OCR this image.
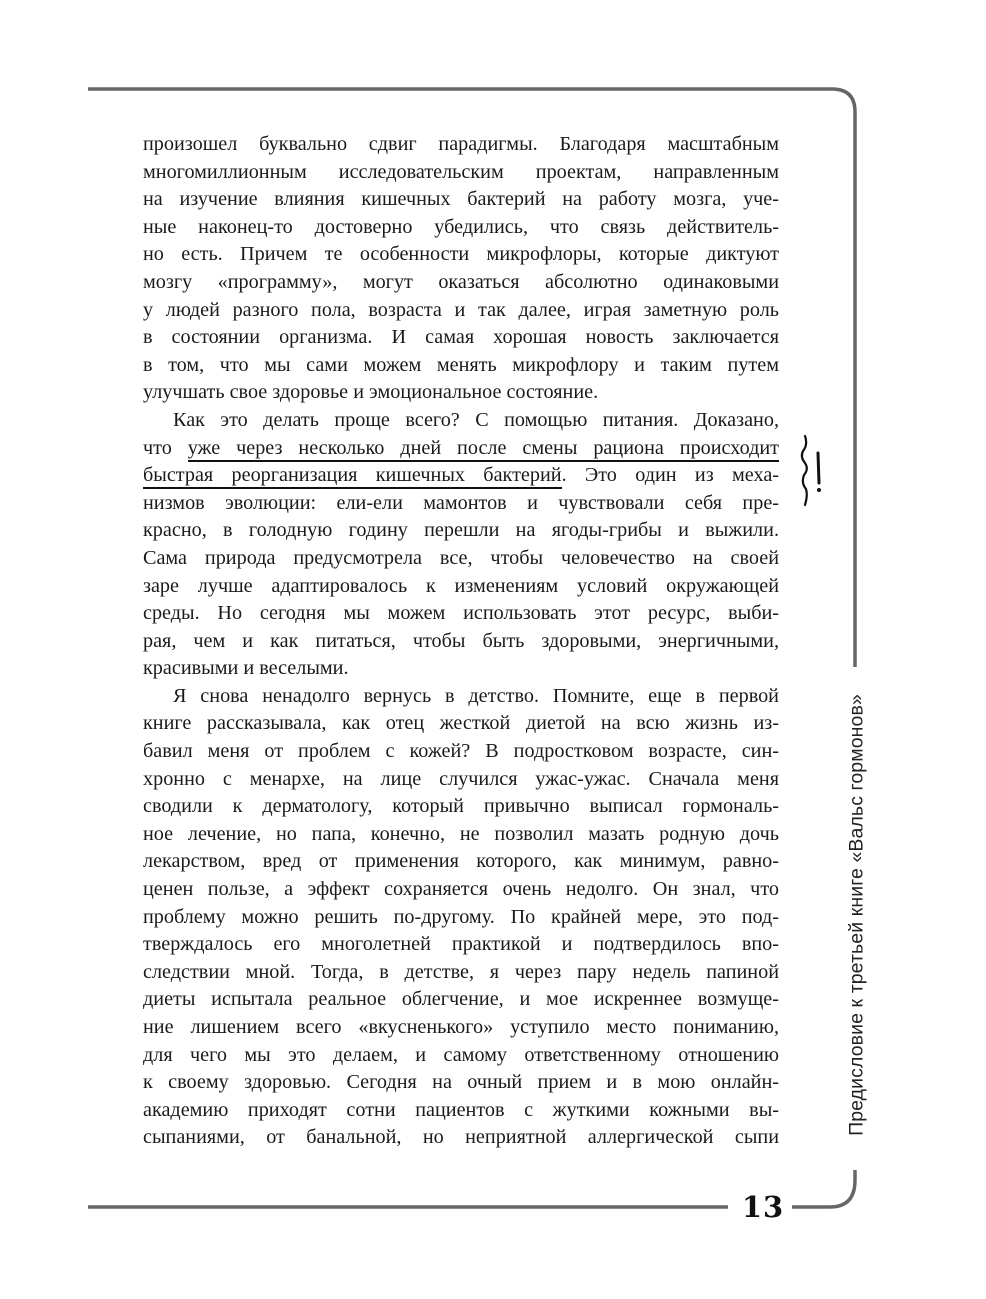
произошел буквально сдвиг парадигмы. Благодаря масштабным
многомиллионным исследовательским проектам, направленным
на изучение влияния кишечных бактерий на работу мозга, уче-
ные наконец-то достоверно убедились, что связь действитель-
но есть. Причем те особенности микрофлоры, которые диктуют
мозгу «программу», могут оказаться абсолютно одинаковыми
у людей разного пола, возраста и так далее, играя заметную роль
в состоянии организма. И самая хорошая новость заключается
в том, что мы сами можем менять микрофлору и таким путем
улучшать свое здоровье и эмоциональное состояние.
Как это делать проще всего? С помощью питания. Доказано,
что уже через несколько дней после смены рациона происходит
быстрая реорганизация кишечных бактерий. Это один из меха-
низмов эволюции: ели-ели мамонтов и чувствовали себя пре-
красно, в голодную годину перешли на ягоды-грибы и выжили.
Сама природа предусмотрела все, чтобы человечество на своей
заре лучше адаптировалось к изменениям условий окружающей
среды. Но сегодня мы можем использовать этот ресурс, выби-
рая, чем и как питаться, чтобы быть здоровыми, энергичными,
красивыми и веселыми.
Я снова ненадолго вернусь в детство. Помните, еще в первой
книге рассказывала, как отец жесткой диетой на всю жизнь из-
бавил меня от проблем с кожей? В подростковом возрасте, син-
хронно с менархе, на лице случился ужас-ужас. Сначала меня
сводили к дерматологу, который привычно выписал гормональ-
ное лечение, но папа, конечно, не позволил мазать родную дочь
лекарством, вред от применения которого, как минимум, равно-
ценен пользе, а эффект сохраняется очень недолго. Он знал, что
проблему можно решить по-другому. По крайней мере, это под-
тверждалось его многолетней практикой и подтвердилось впо-
следствии мной. Тогда, в детстве, я через пару недель папиной
диеты испытала реальное облегчение, и мое искреннее возмуще-
ние лишением всего «вкусненького» уступило место пониманию,
для чего мы это делаем, и самому ответственному отношению
к своему здоровью. Сегодня на очный прием и в мою онлайн-
академию приходят сотни пациентов с жуткими кожными вы-
сыпаниями, от банальной, но неприятной аллергической сыпи
Предисловие к третьей книге «Вальс гормонов»
13
